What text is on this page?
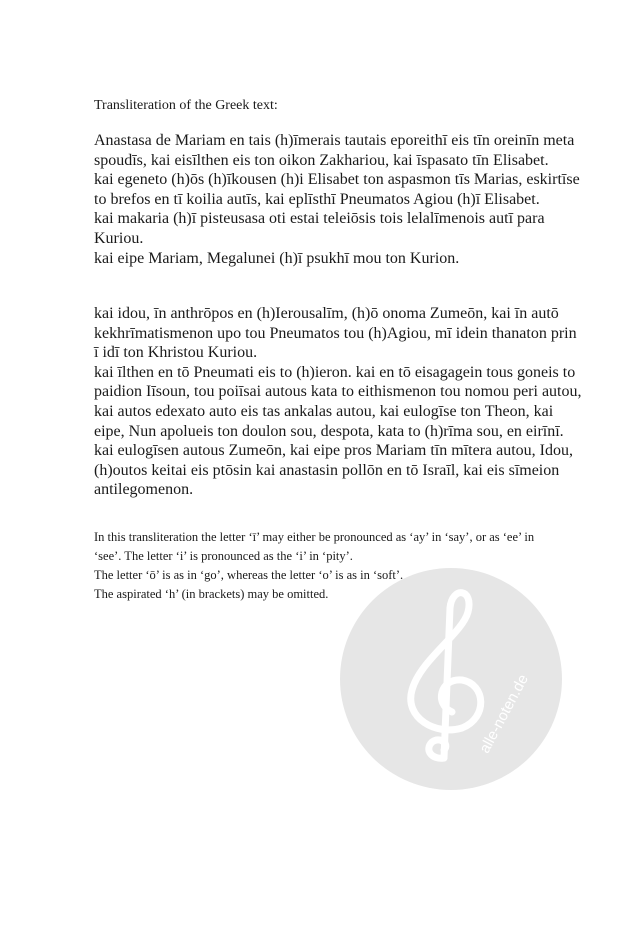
Transliteration of the Greek text:
Anastasa de Mariam en tais (h)īmerais tautais eporeithī eis tīn oreinīn meta
spoudīs, kai eisīlthen eis ton oikon Zakhariou, kai īspasato tīn Elisabet.
kai egeneto (h)ōs (h)īkousen (h)i Elisabet ton aspasmon tīs Marias, eskirtīse
to brefos en tī koilia autīs, kai eplīsthī Pneumatos Agiou (h)ī Elisabet.
kai makaria (h)ī pisteusasa oti estai teleiōsis tois lelalīmenois autī para
Kuriou.
kai eipe Mariam, Megalunei (h)ī psukhī mou ton Kurion.
kai idou, īn anthrōpos en (h)Ierousalīm, (h)ō onoma Zumeōn, kai īn autō
kekhrīmatismenon upo tou Pneumatos tou (h)Agiou, mī idein thanaton prin
ī idī ton Khristou Kuriou.
kai īlthen en tō Pneumati eis to (h)ieron. kai en tō eisagagein tous goneis to
paidion Iīsoun, tou poiīsai autous kata to eithismenon tou nomou peri autou,
kai autos edexato auto eis tas ankalas autou, kai eulogīse ton Theon, kai
eipe, Nun apolueis ton doulon sou, despota, kata to (h)rīma sou, en eirīnī.
kai eulogīsen autous Zumeōn, kai eipe pros Mariam tīn mītera autou, Idou,
(h)outos keitai eis ptōsin kai anastasin pollōn en tō Israīl, kai eis sīmeion
antilegomenon.
In this transliteration the letter ‘ī’ may either be pronounced as ‘ay’ in ‘say’, or as ‘ee’ in
‘see’. The letter ‘i’ is pronounced as the ‘i’ in ‘pity’.
The letter ‘ō’ is as in ‘go’, whereas the letter ‘o’ is as in ‘soft’.
The aspirated ‘h’ (in brackets) may be omitted.
alle-noten.de
